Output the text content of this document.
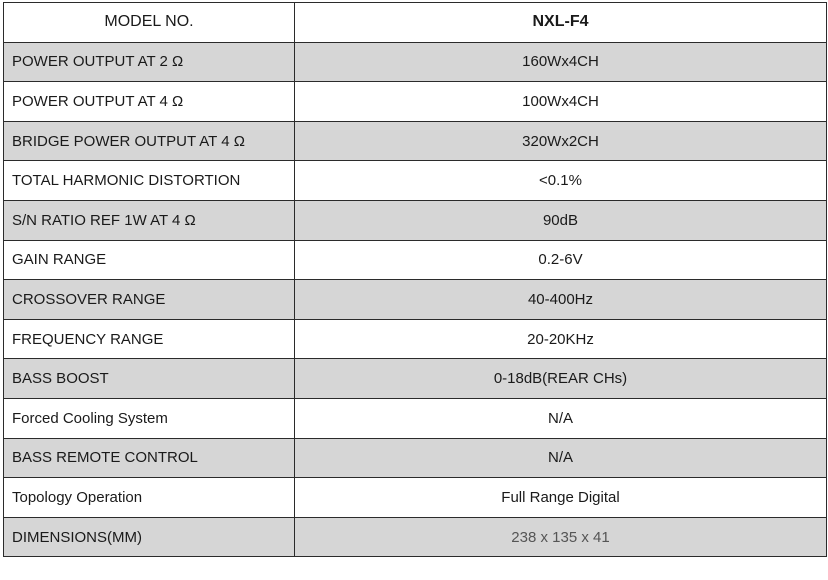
MODEL NO.	NXL-F4
POWER OUTPUT AT 2 Ω	160Wx4CH
POWER OUTPUT AT 4 Ω	100Wx4CH
BRIDGE POWER OUTPUT AT 4 Ω	320Wx2CH
TOTAL HARMONIC DISTORTION	<0.1%
S/N RATIO REF 1W AT 4 Ω	90dB
GAIN RANGE	0.2-6V
CROSSOVER RANGE	40-400Hz
FREQUENCY RANGE	20-20KHz
BASS BOOST	0-18dB(REAR CHs)
Forced Cooling System	N/A
BASS REMOTE CONTROL	N/A
Topology Operation	Full Range Digital
DIMENSIONS(MM)	238 x 135 x 41
